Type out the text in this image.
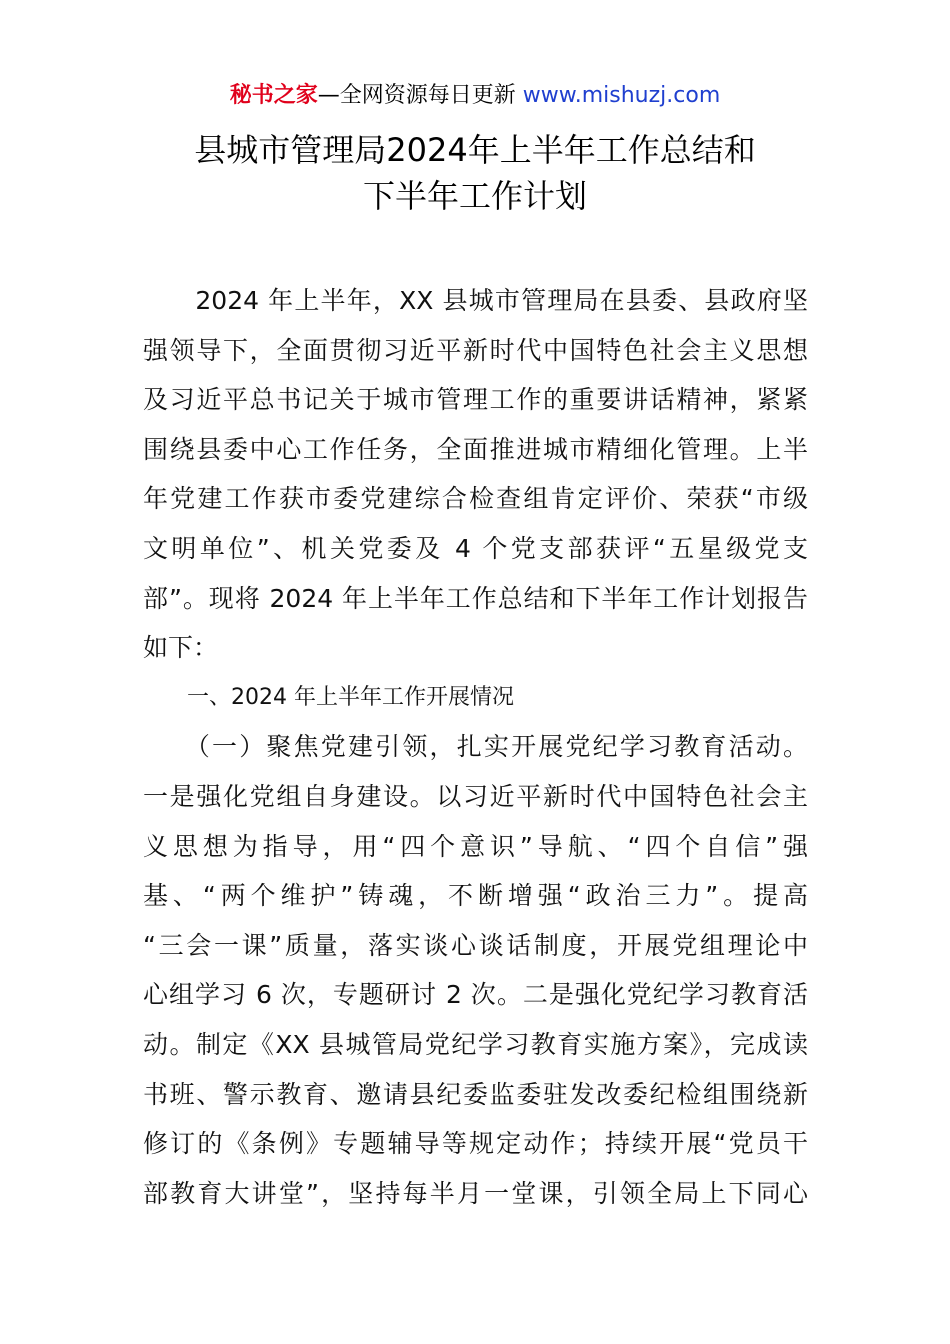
秘书之家—全网资源每日更新 www.mishuzj.com
县城市管理局2024年上半年工作总结和
下半年工作计划
　　2024 年上半年，XX 县城市管理局在县委、县政府坚
强领导下，全面贯彻习近平新时代中国特色社会主义思想
及习近平总书记关于城市管理工作的重要讲话精神，紧紧
围绕县委中心工作任务，全面推进城市精细化管理。上半
年党建工作获市委党建综合检查组肯定评价、荣获“市级
文明单位”、机关党委及 4 个党支部获评“五星级党支
部”。现将 2024 年上半年工作总结和下半年工作计划报告
如下：
　　一、2024 年上半年工作开展情况
　　（一）聚焦党建引领，扎实开展党纪学习教育活动。
一是强化党组自身建设。以习近平新时代中国特色社会主
义思想为指导，用“四个意识”导航、“四个自信”强
基、“两个维护”铸魂，不断增强“政治三力”。提高
“三会一课”质量，落实谈心谈话制度，开展党组理论中
心组学习 6 次，专题研讨 2 次。二是强化党纪学习教育活
动。制定《XX 县城管局党纪学习教育实施方案》，完成读
书班、警示教育、邀请县纪委监委驻发改委纪检组围绕新
修订的《条例》专题辅导等规定动作；持续开展“党员干
部教育大讲堂”，坚持每半月一堂课，引领全局上下同心
